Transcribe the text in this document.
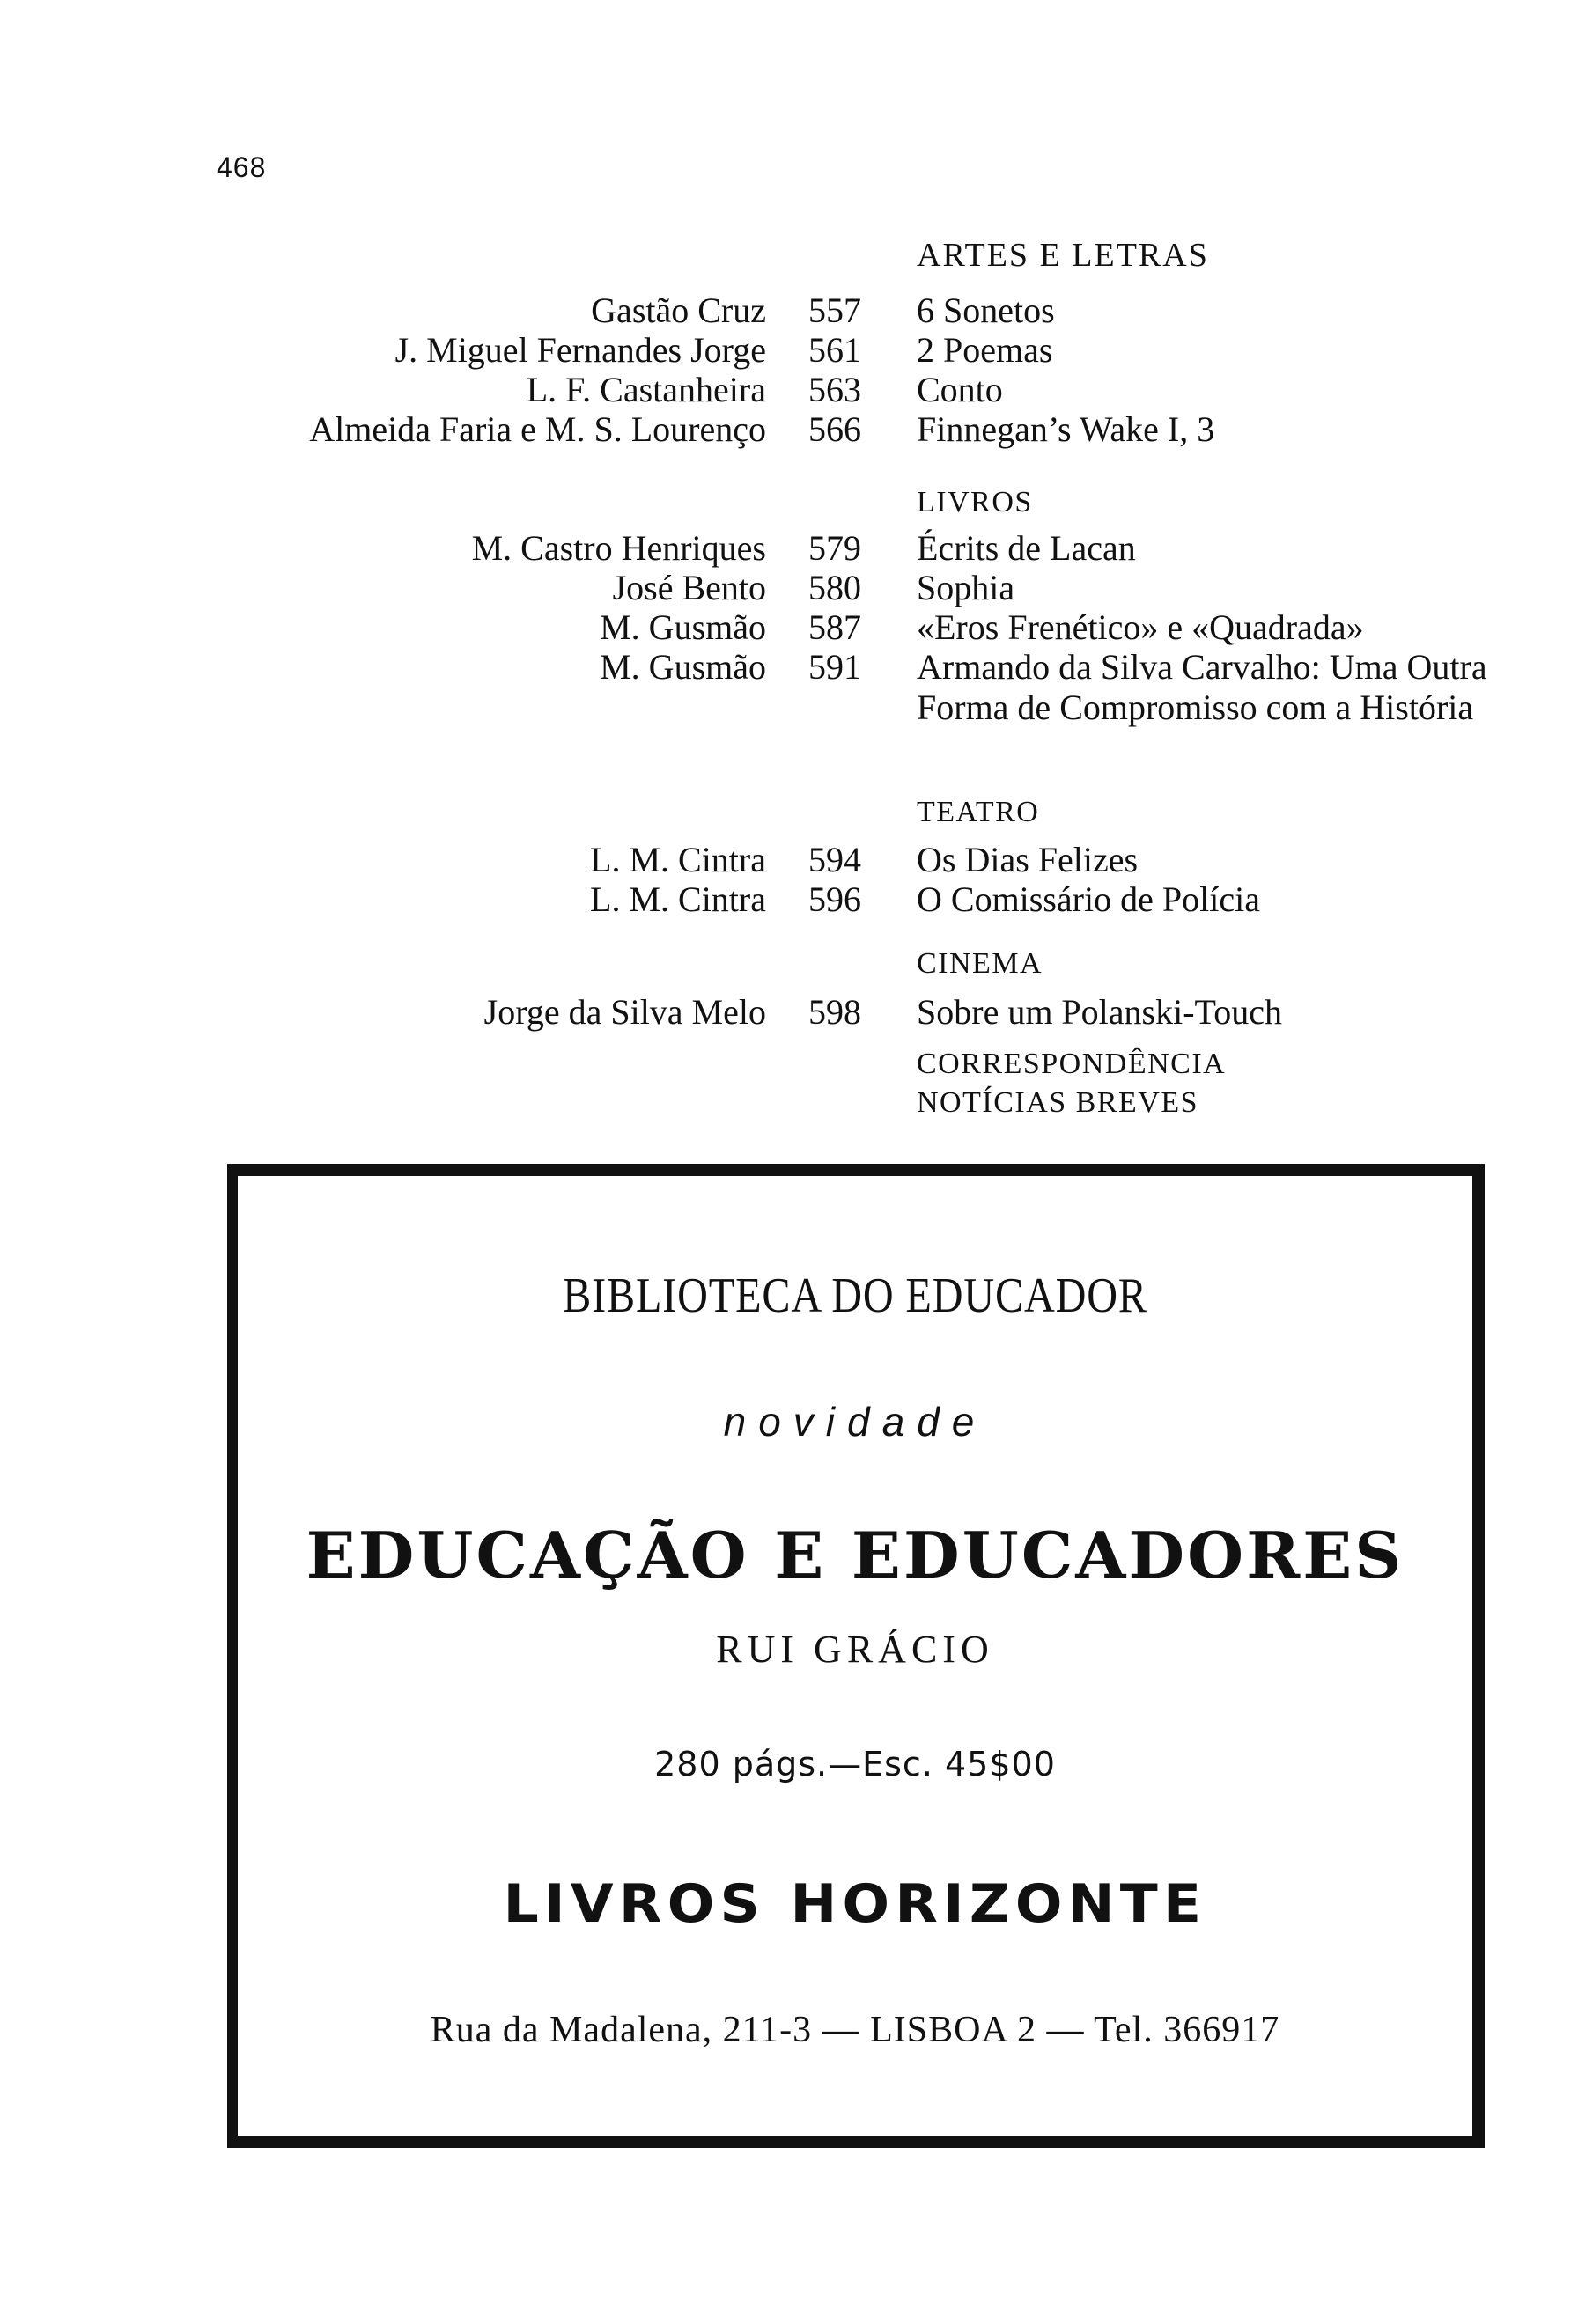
468
ARTES E LETRAS
Gastão Cruz 557	6 Sonetos
J. Miguel Fernandes Jorge 561	2 Poemas
L. F. Castanheira 563	Conto
Almeida Faria e M. S. Lourenço 566	Finnegan’s Wake I, 3
LIVROS
M. Castro Henriques 579	Écrits de Lacan
José Bento 580	Sophia
M. Gusmão 587	«Eros Frenético» e «Quadrada»
M. Gusmão 591	Armando da Silva Carvalho: Uma Outra Forma de Compromisso com a História
TEATRO
L. M. Cintra 594	Os Dias Felizes
L. M. Cintra 596	O Comissário de Polícia
CINEMA
Jorge da Silva Melo 598	Sobre um Polanski-Touch
CORRESPONDÊNCIA
NOTÍCIAS BREVES
BIBLIOTECA DO EDUCADOR
novidade
EDUCAÇÃO E EDUCADORES
RUI GRÁCIO
280 págs.—Esc. 45$00
LIVROS HORIZONTE
Rua da Madalena, 211-3 — LISBOA 2 — Tel. 366917
